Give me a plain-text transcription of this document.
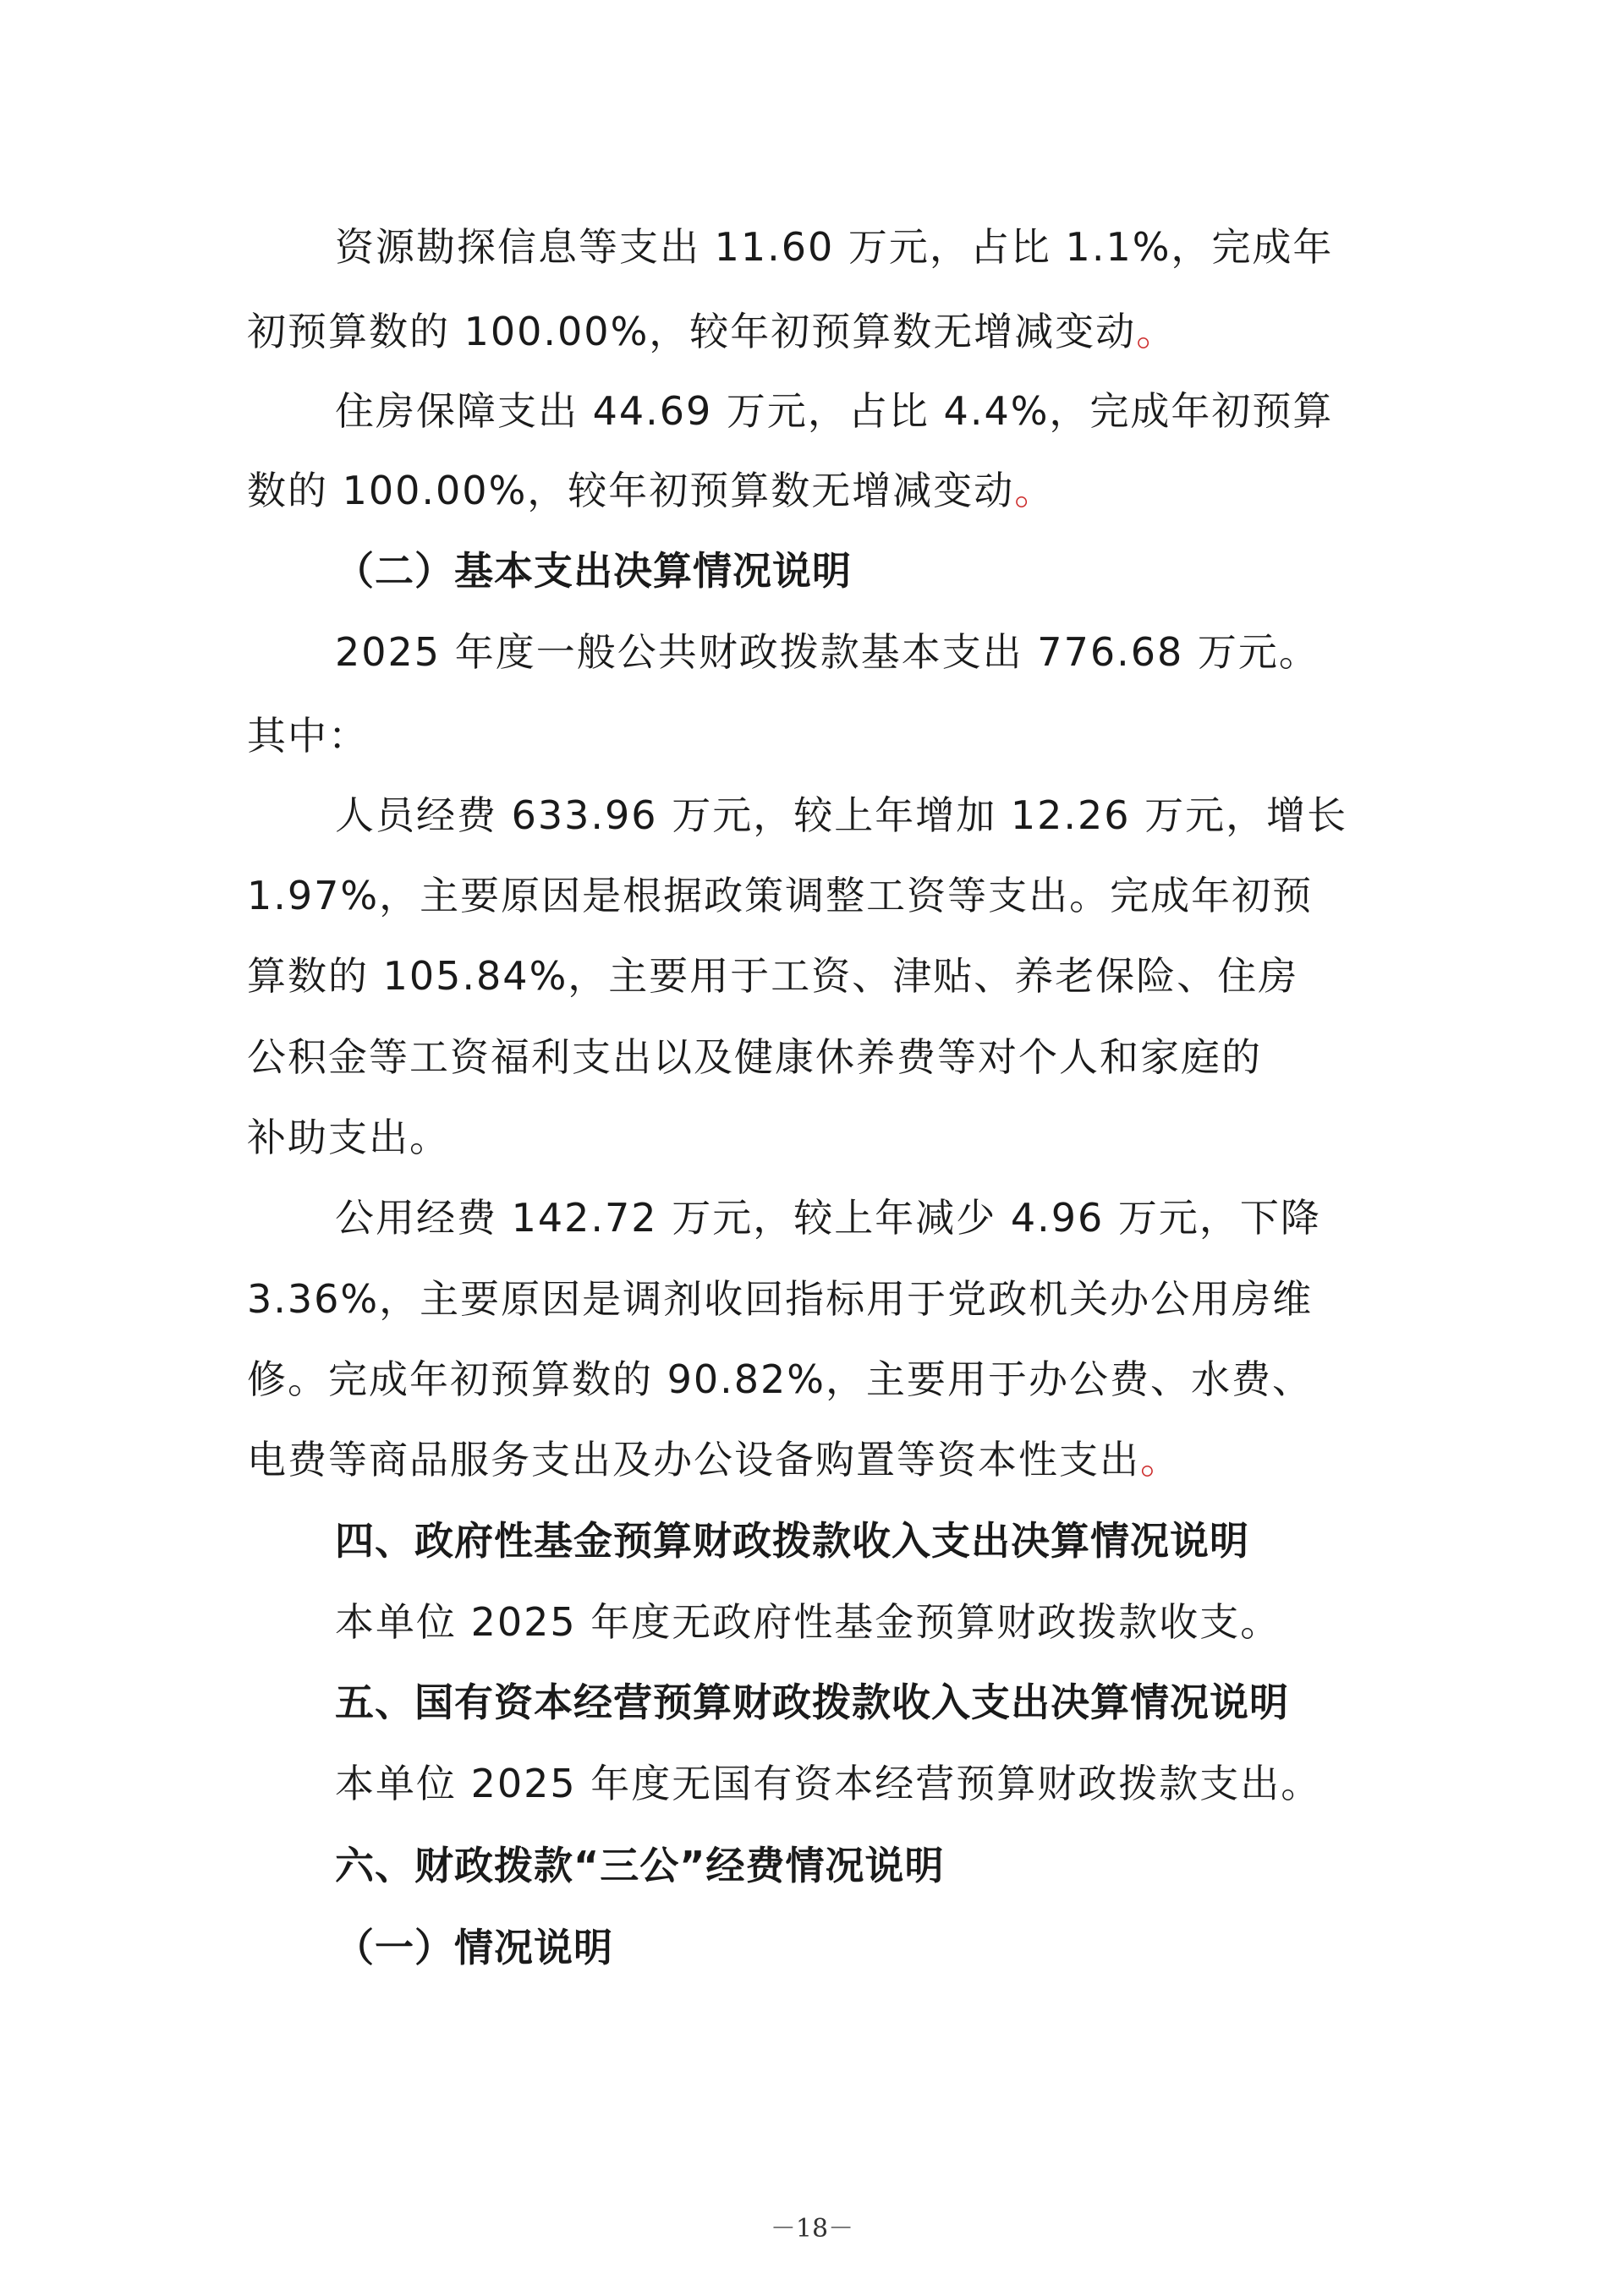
资源勘探信息等支出 11.60 万元，占比 1.1%，完成年
初预算数的 100.00%，较年初预算数无增减变动。
住房保障支出 44.69 万元，占比 4.4%，完成年初预算
数的 100.00%，较年初预算数无增减变动。
（二）基本支出决算情况说明
2025 年度一般公共财政拨款基本支出 776.68 万元。
其中：
人员经费 633.96 万元，较上年增加 12.26 万元，增长
1.97%，主要原因是根据政策调整工资等支出。完成年初预
算数的 105.84%，主要用于工资、津贴、养老保险、住房
公积金等工资福利支出以及健康休养费等对个人和家庭的
补助支出。
公用经费 142.72 万元，较上年减少 4.96 万元，下降
3.36%，主要原因是调剂收回指标用于党政机关办公用房维
修。完成年初预算数的 90.82%，主要用于办公费、水费、
电费等商品服务支出及办公设备购置等资本性支出。
四、政府性基金预算财政拨款收入支出决算情况说明
本单位 2025 年度无政府性基金预算财政拨款收支。
五、国有资本经营预算财政拨款收入支出决算情况说明
本单位 2025 年度无国有资本经营预算财政拨款支出。
六、财政拨款“三公”经费情况说明
（一）情况说明
－18－
